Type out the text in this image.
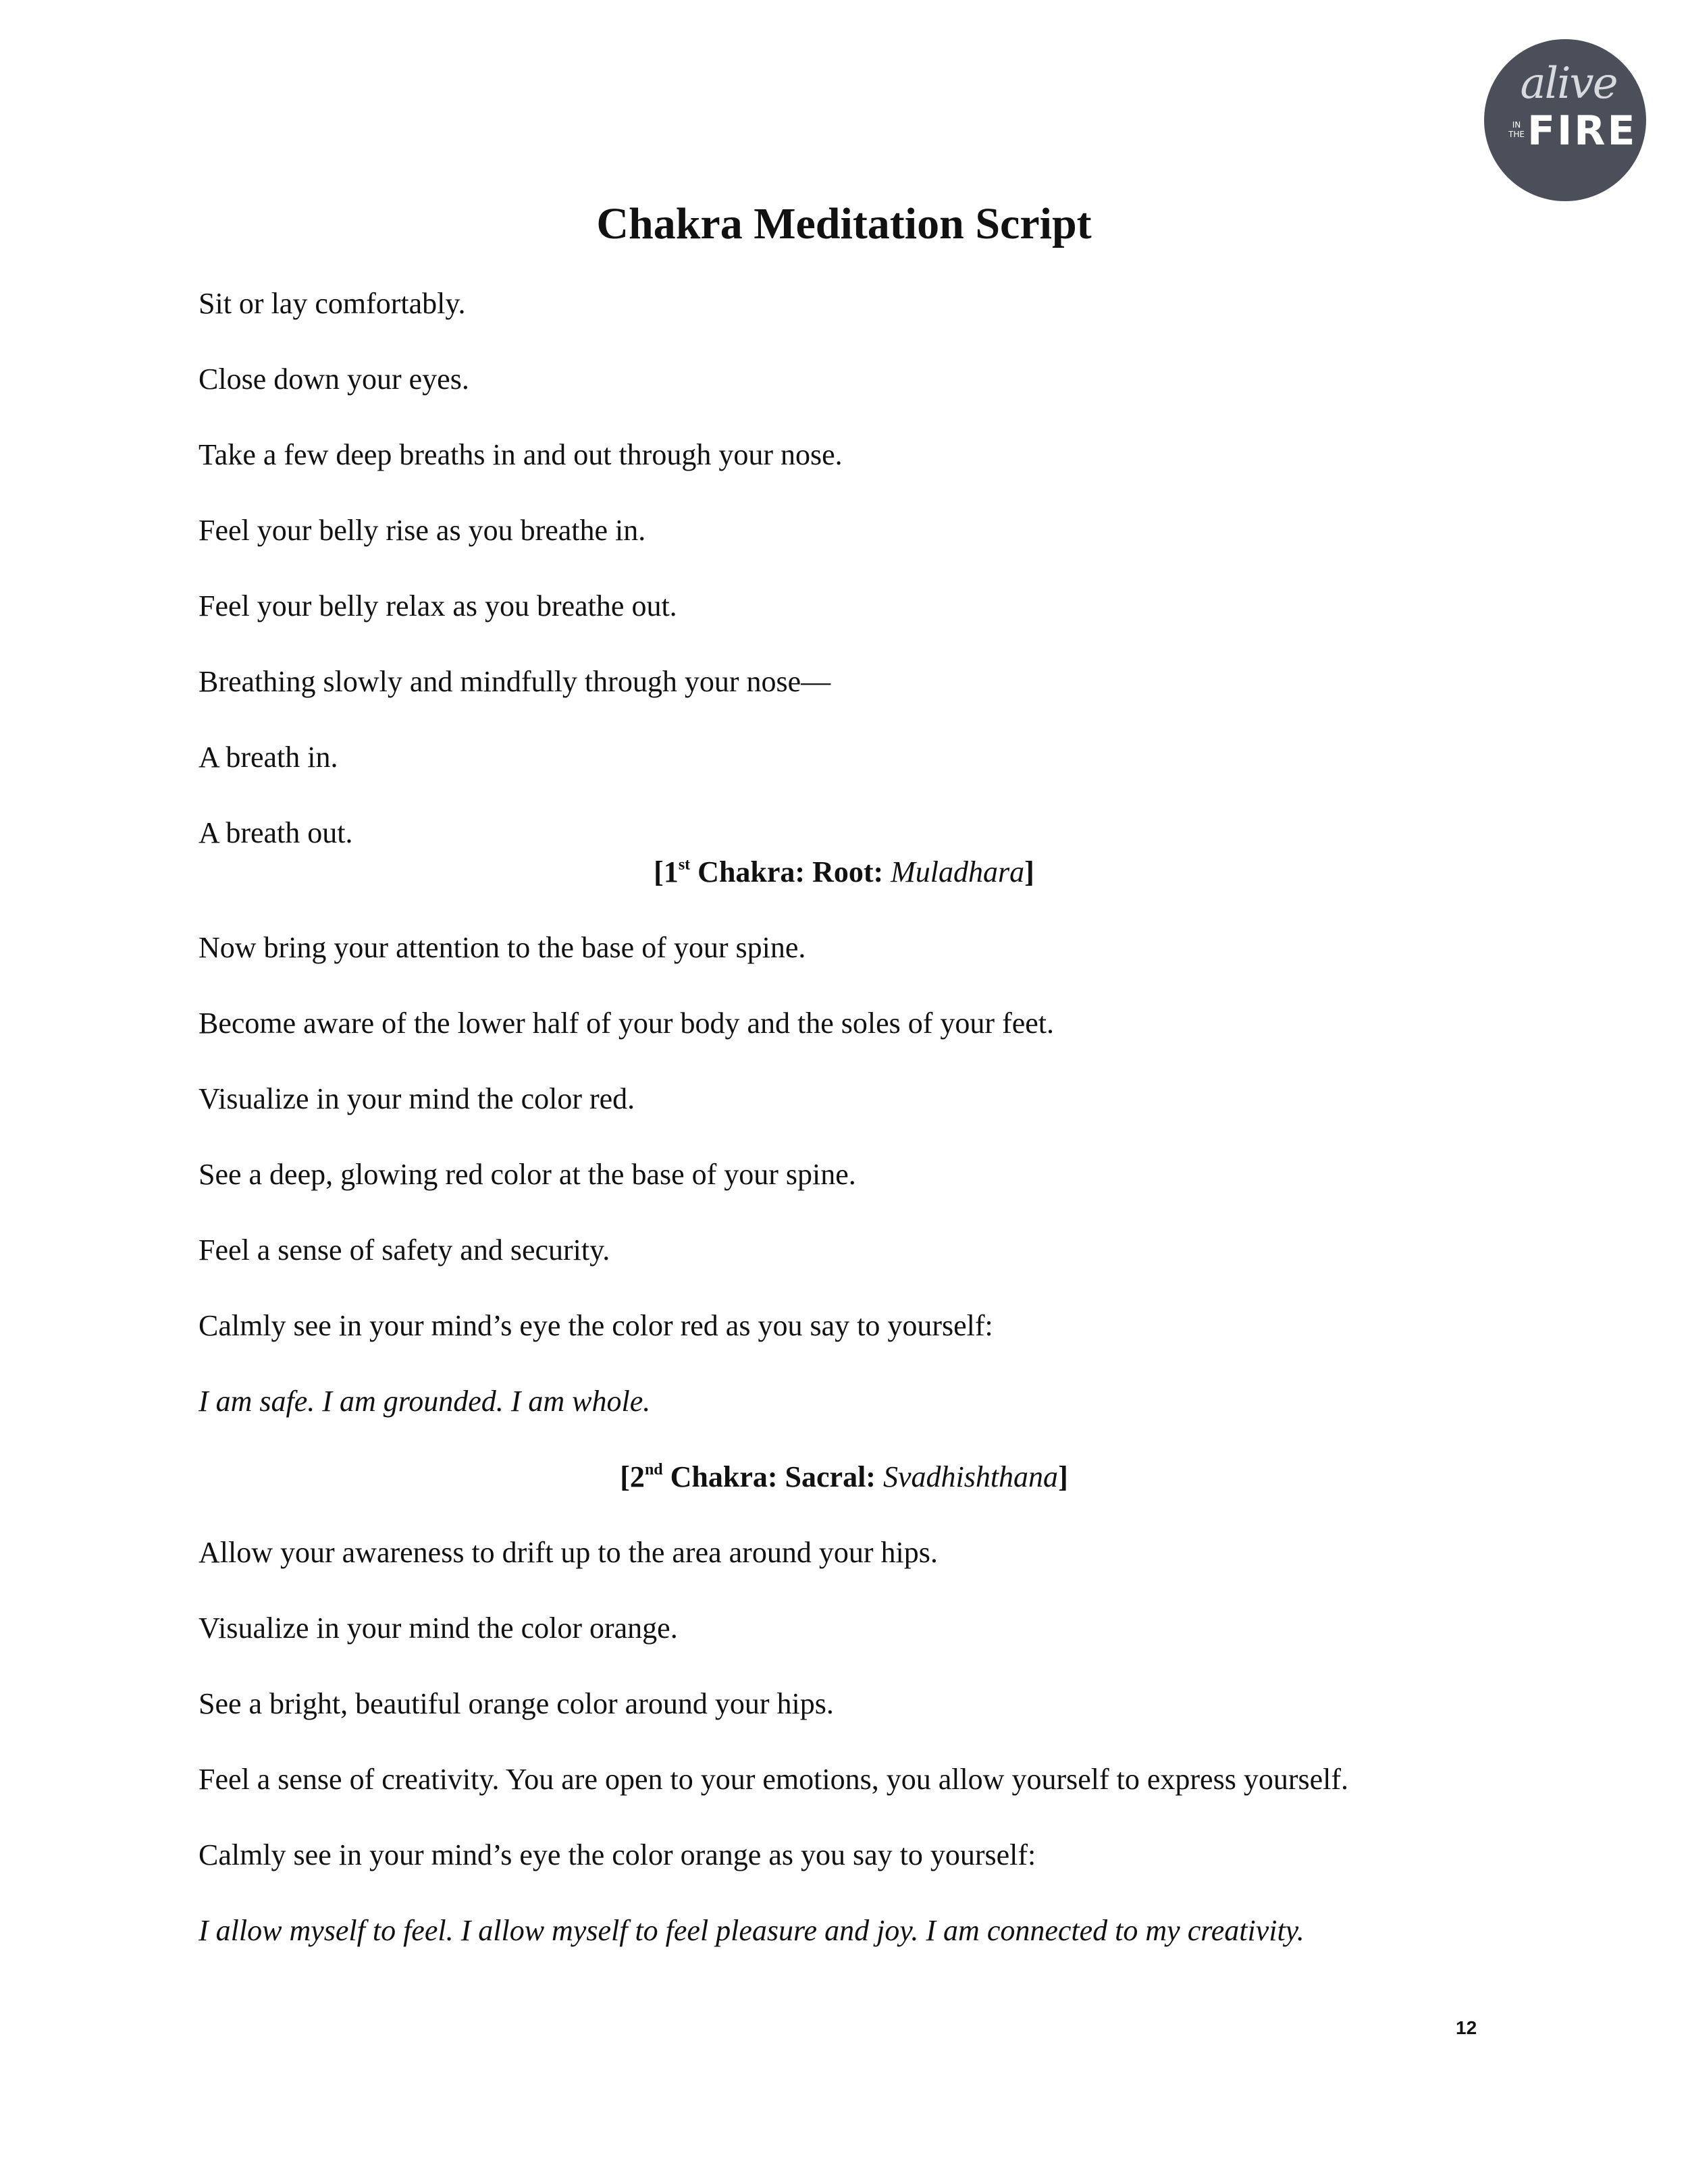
alive
IN THE FIRE
Chakra Meditation Script

Sit or lay comfortably.

Close down your eyes.

Take a few deep breaths in and out through your nose.

Feel your belly rise as you breathe in.

Feel your belly relax as you breathe out.

Breathing slowly and mindfully through your nose—

A breath in.

A breath out.

[1st Chakra: Root: Muladhara]

Now bring your attention to the base of your spine.

Become aware of the lower half of your body and the soles of your feet.

Visualize in your mind the color red.

See a deep, glowing red color at the base of your spine.

Feel a sense of safety and security.

Calmly see in your mind’s eye the color red as you say to yourself:

I am safe. I am grounded. I am whole.

[2nd Chakra: Sacral: Svadhishthana]

Allow your awareness to drift up to the area around your hips.

Visualize in your mind the color orange.

See a bright, beautiful orange color around your hips.

Feel a sense of creativity. You are open to your emotions, you allow yourself to express yourself.

Calmly see in your mind’s eye the color orange as you say to yourself:

I allow myself to feel. I allow myself to feel pleasure and joy. I am connected to my creativity.

12
